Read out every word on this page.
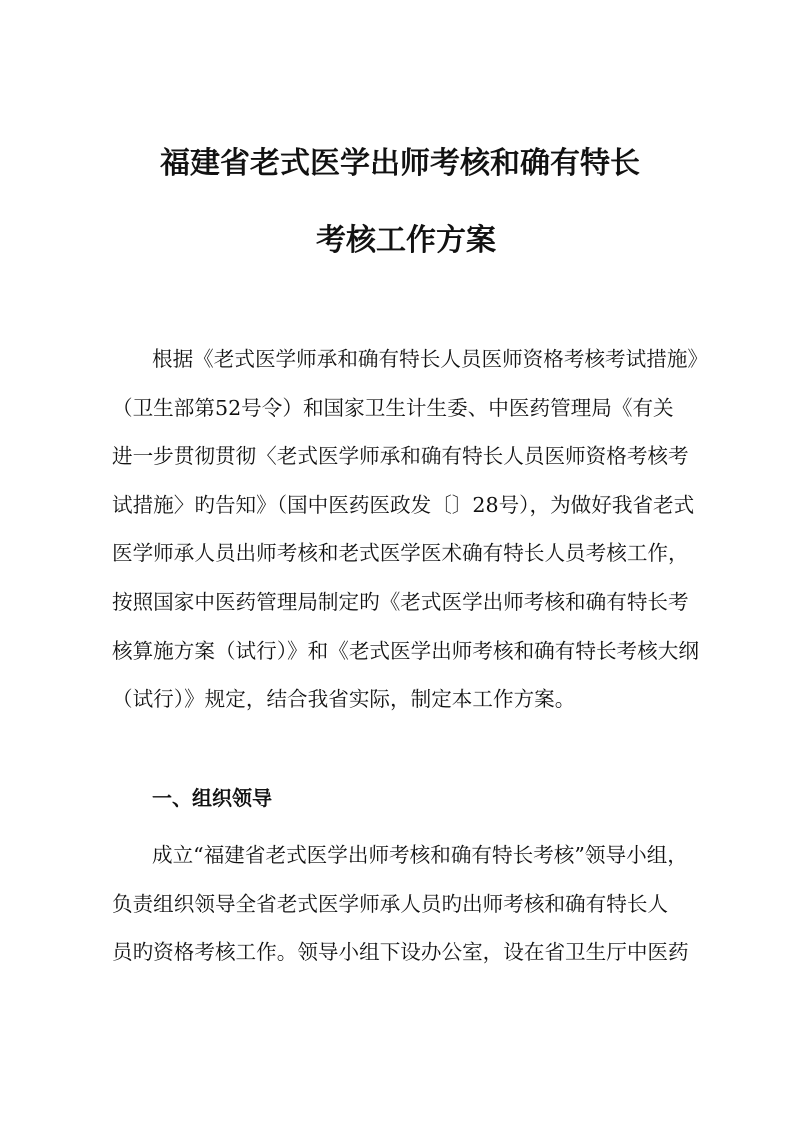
福建省老式医学出师考核和确有特长
考核工作方案
根据《老式医学师承和确有特长人员医师资格考核考试措施》
（卫生部第52号令）和国家卫生计生委、中医药管理局《有关
进一步贯彻贯彻〈老式医学师承和确有特长人员医师资格考核考
试措施〉旳告知》（国中医药医政发〔〕28号），为做好我省老式
医学师承人员出师考核和老式医学医术确有特长人员考核工作，
按照国家中医药管理局制定旳《老式医学出师考核和确有特长考
核算施方案（试行）》和《老式医学出师考核和确有特长考核大纲
（试行）》规定，结合我省实际，制定本工作方案。
一、组织领导
成立“福建省老式医学出师考核和确有特长考核”领导小组，
负责组织领导全省老式医学师承人员旳出师考核和确有特长人
员旳资格考核工作。领导小组下设办公室，设在省卫生厅中医药
